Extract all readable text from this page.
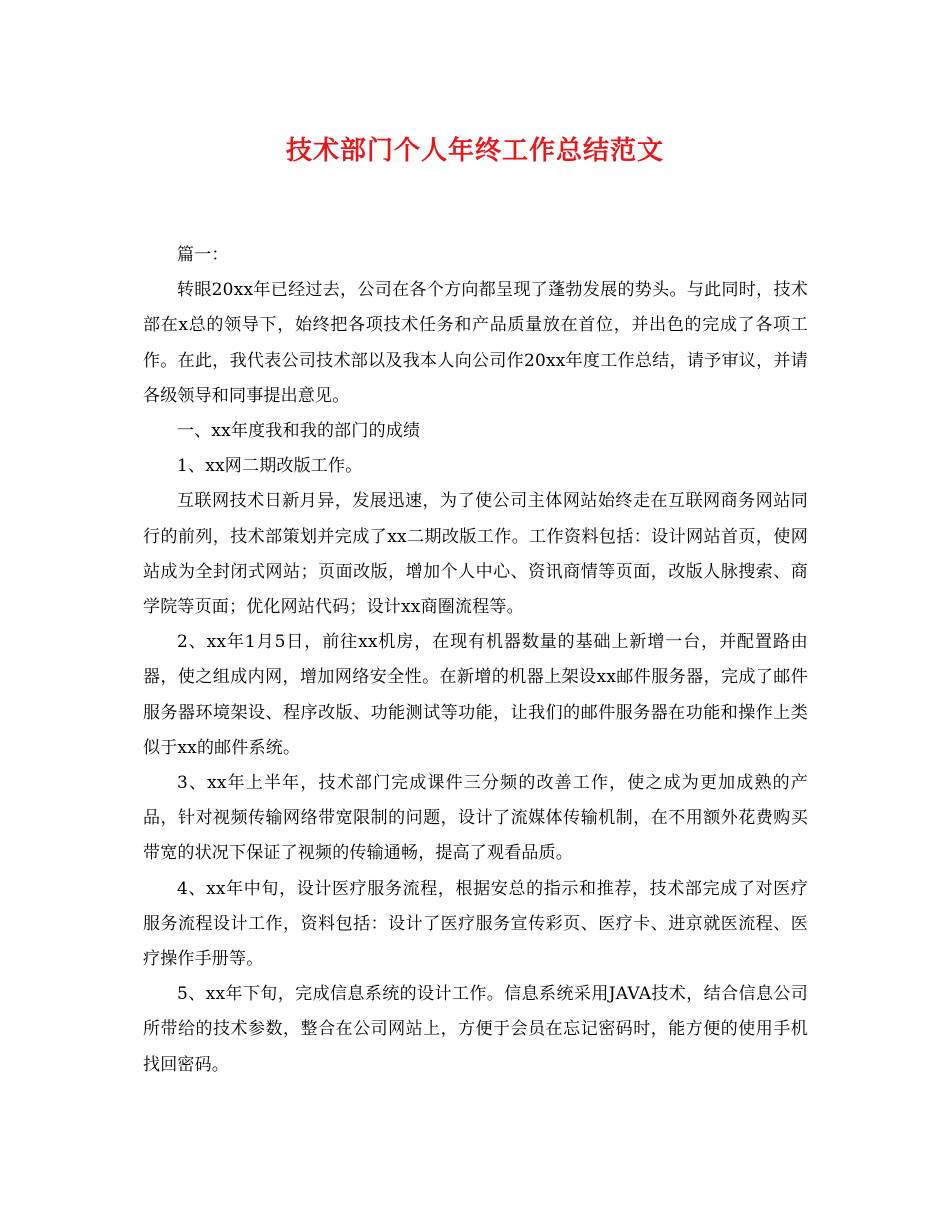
技术部门个人年终工作总结范文

篇一：

转眼20xx年已经过去，公司在各个方向都呈现了蓬勃发展的势头。与此同时，技术部在x总的领导下，始终把各项技术任务和产品质量放在首位，并出色的完成了各项工作。在此，我代表公司技术部以及我本人向公司作20xx年度工作总结，请予审议，并请各级领导和同事提出意见。

一、xx年度我和我的部门的成绩

1、xx网二期改版工作。

互联网技术日新月异，发展迅速，为了使公司主体网站始终走在互联网商务网站同行的前列，技术部策划并完成了xx二期改版工作。工作资料包括：设计网站首页，使网站成为全封闭式网站；页面改版，增加个人中心、资讯商情等页面，改版人脉搜索、商学院等页面；优化网站代码；设计xx商圈流程等。

2、xx年1月5日，前往xx机房，在现有机器数量的基础上新增一台，并配置路由器，使之组成内网，增加网络安全性。在新增的机器上架设xx邮件服务器，完成了邮件服务器环境架设、程序改版、功能测试等功能，让我们的邮件服务器在功能和操作上类似于xx的邮件系统。

3、xx年上半年，技术部门完成课件三分频的改善工作，使之成为更加成熟的产品，针对视频传输网络带宽限制的问题，设计了流媒体传输机制，在不用额外花费购买带宽的状况下保证了视频的传输通畅，提高了观看品质。

4、xx年中旬，设计医疗服务流程，根据安总的指示和推荐，技术部完成了对医疗服务流程设计工作，资料包括：设计了医疗服务宣传彩页、医疗卡、进京就医流程、医疗操作手册等。

5、xx年下旬，完成信息系统的设计工作。信息系统采用JAVA技术，结合信息公司所带给的技术参数，整合在公司网站上，方便于会员在忘记密码时，能方便的使用手机找回密码。
